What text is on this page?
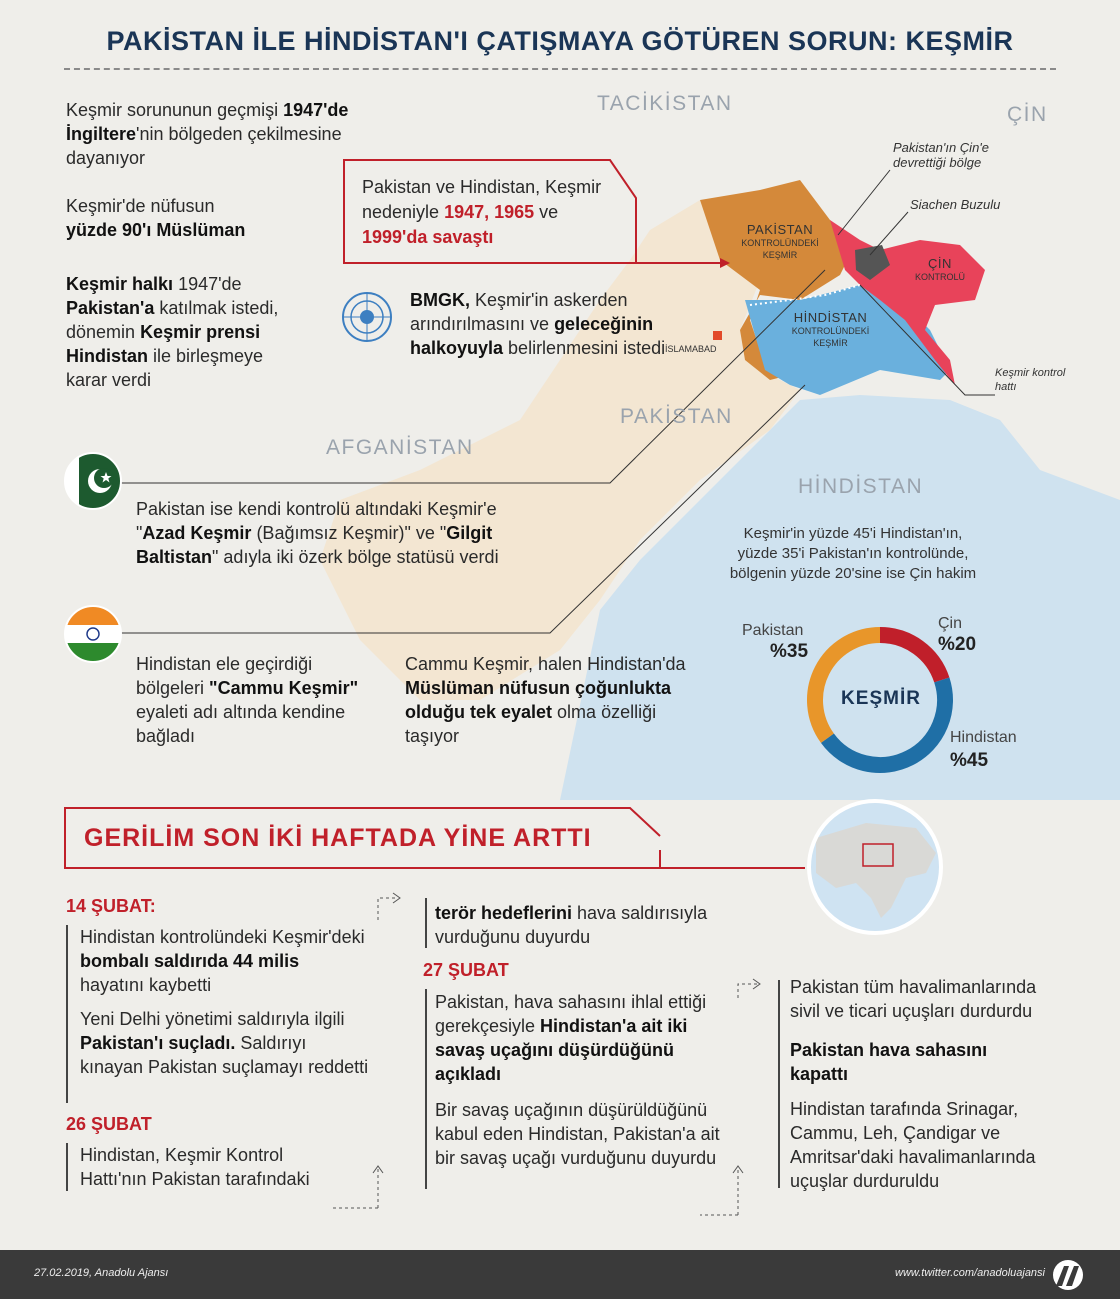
PAKİSTAN İLE HİNDİSTAN'I ÇATIŞMAYA GÖTÜREN SORUN: KEŞMİR
TACİKİSTAN	ÇİN
AFGANİSTAN
PAKİSTAN
HİNDİSTAN
PAKİSTAN
KONTROLÜNDEKİ KEŞMİR
HİNDİSTAN
KONTROLÜNDEKİ KEŞMİR
ÇİN
KONTROLÜ
İSLAMABAD
Pakistan'ın Çin'e devrettiği bölge
Siachen Buzulu
Keşmir kontrol hattı
Keşmir sorununun geçmişi 1947'de İngiltere'nin bölgeden çekilmesine dayanıyor
Keşmir'de nüfusun
yüzde 90'ı Müslüman
Keşmir halkı 1947'de Pakistan'a katılmak istedi, dönemin Keşmir prensi Hindistan ile birleşmeye karar verdi
Pakistan ve Hindistan, Keşmir nedeniyle 1947, 1965 ve 1999'da savaştı
BMGK, Keşmir'in askerden arındırılmasını ve geleceğinin halkoyuyla belirlenmesini istedi
Pakistan ise kendi kontrolü altındaki Keşmir'e "Azad Keşmir (Bağımsız Keşmir)" ve "Gilgit Baltistan" adıyla iki özerk bölge statüsü verdi
Hindistan ele geçirdiği bölgeleri "Cammu Keşmir" eyaleti adı altında kendine bağladı
Cammu Keşmir, halen Hindistan'da Müslüman nüfusun çoğunlukta olduğu tek eyalet olma özelliği taşıyor
Keşmir'in yüzde 45'i Hindistan'ın, yüzde 35'i Pakistan'ın kontrolünde, bölgenin yüzde 20'sine ise Çin hakim
KEŞMİR
Pakistan
%35
Çin
%20
Hindistan
%45
GERİLİM SON İKİ HAFTADA YİNE ARTTI
14 ŞUBAT:
Hindistan kontrolündeki Keşmir'deki bombalı saldırıda 44 milis hayatını kaybetti
Yeni Delhi yönetimi saldırıyla ilgili Pakistan'ı suçladı. Saldırıyı kınayan Pakistan suçlamayı reddetti
26 ŞUBAT
Hindistan, Keşmir Kontrol Hattı'nın Pakistan tarafındaki
terör hedeflerini hava saldırısıyla vurduğunu duyurdu
27 ŞUBAT
Pakistan, hava sahasını ihlal ettiği gerekçesiyle Hindistan'a ait iki savaş uçağını düşürdüğünü açıkladı
Bir savaş uçağının düşürüldüğünü kabul eden Hindistan, Pakistan'a ait bir savaş uçağı vurduğunu duyurdu
Pakistan tüm havalimanlarında sivil ve ticari uçuşları durdurdu
Pakistan hava sahasını kapattı
Hindistan tarafında Srinagar, Cammu, Leh, Çandigar ve Amritsar'daki havalimanlarında uçuşlar durduruldu
27.02.2019, Anadolu Ajansı	www.twitter.com/anadoluajansi
